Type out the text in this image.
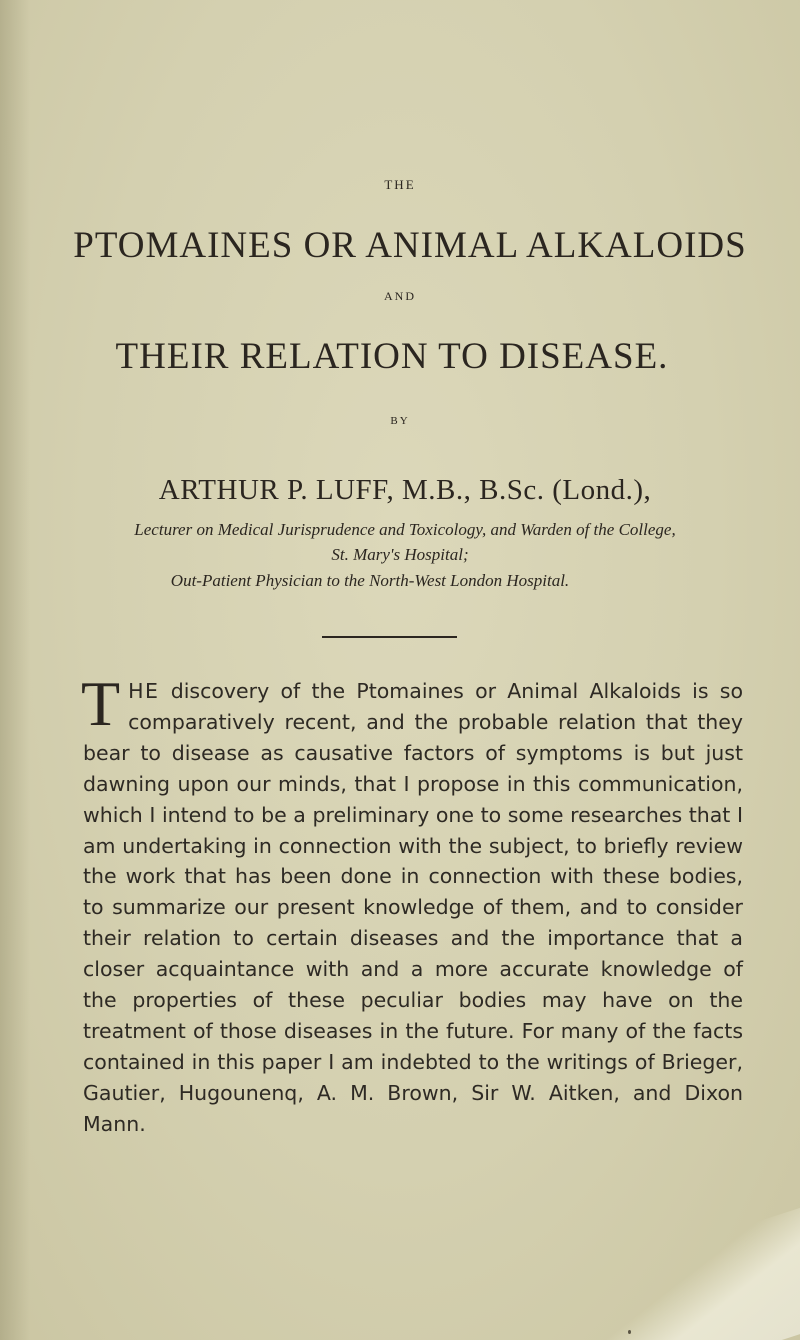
THE
PTOMAINES OR ANIMAL ALKALOIDS
AND
THEIR RELATION TO DISEASE.
BY
ARTHUR P. LUFF, M.B., B.Sc. (Lond.),
Lecturer on Medical Jurisprudence and Toxicology, and Warden of the College,
St. Mary's Hospital;
Out-Patient Physician to the North-West London Hospital.
THE discovery of the Ptomaines or Animal Alkaloids is so comparatively recent, and the probable relation that they bear to disease as causative factors of symptoms is but just dawning upon our minds, that I propose in this communication, which I intend to be a preliminary one to some researches that I am undertaking in connection with the subject, to briefly review the work that has been done in connection with these bodies, to summarize our present knowledge of them, and to consider their relation to certain diseases and the importance that a closer acquaintance with and a more accurate knowledge of the properties of these peculiar bodies may have on the treatment of those diseases in the future. For many of the facts contained in this paper I am indebted to the writings of Brieger, Gautier, Hugounenq, A. M. Brown, Sir W. Aitken, and Dixon Mann.
